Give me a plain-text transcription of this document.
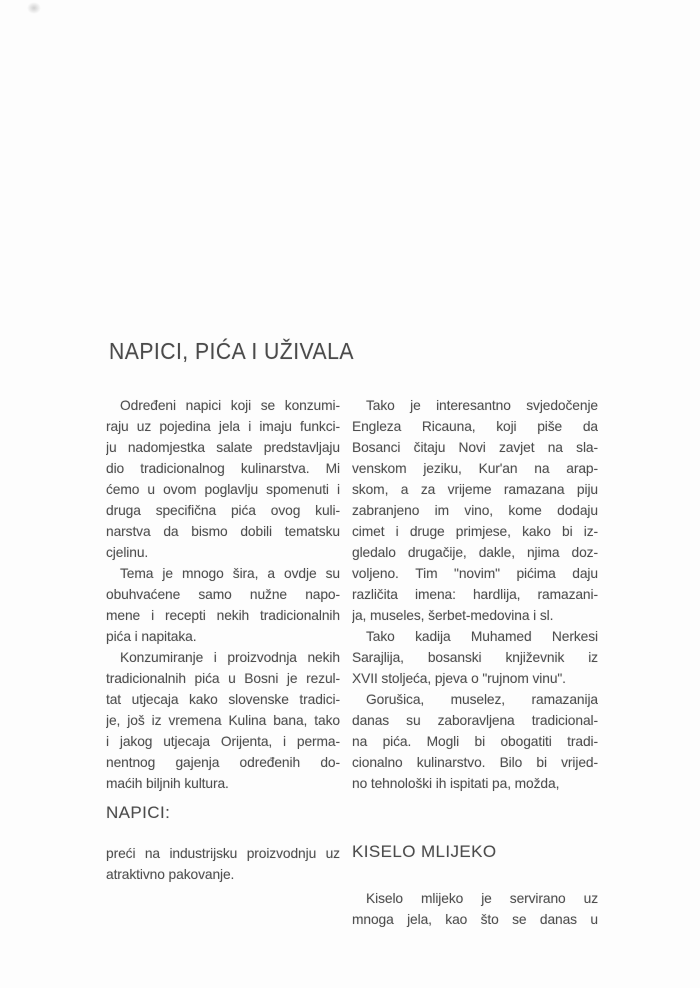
NAPICI, PIĆA I UŽIVALA
Određeni napici koji se konzumi-
raju uz pojedina jela i imaju funkci-
ju nadomjestka salate predstavljaju
dio tradicionalnog kulinarstva. Mi
ćemo u ovom poglavlju spomenuti i
druga specifična pića ovog kuli-
narstva da bismo dobili tematsku
cjelinu.
Tema je mnogo šira, a ovdje su
obuhvaćene samo nužne napo-
mene i recepti nekih tradicionalnih
pića i napitaka.
Konzumiranje i proizvodnja nekih
tradicionalnih pića u Bosni je rezul-
tat utjecaja kako slovenske tradici-
je, još iz vremena Kulina bana, tako
i jakog utjecaja Orijenta, i perma-
nentnog gajenja određenih do-
maćih biljnih kultura.
NAPICI:
preći na industrijsku proizvodnju uz
atraktivno pakovanje.
Tako je interesantno svjedočenje
Engleza Ricauna, koji piše da
Bosanci čitaju Novi zavjet na sla-
venskom jeziku, Kur'an na arap-
skom, a za vrijeme ramazana piju
zabranjeno im vino, kome dodaju
cimet i druge primjese, kako bi iz-
gledalo drugačije, dakle, njima doz-
voljeno. Tim "novim" pićima daju
različita imena: hardlija, ramazani-
ja, museles, šerbet-medovina i sl.
Tako kadija Muhamed Nerkesi
Sarajlija, bosanski književnik iz
XVII stoljeća, pjeva o "rujnom vinu".
Gorušica, muselez, ramazanija
danas su zaboravljena tradicional-
na pića. Mogli bi obogatiti tradi-
cionalno kulinarstvo. Bilo bi vrijed-
no tehnološki ih ispitati pa, možda,
KISELO MLIJEKO
Kiselo mlijeko je servirano uz
mnoga jela, kao što se danas u
